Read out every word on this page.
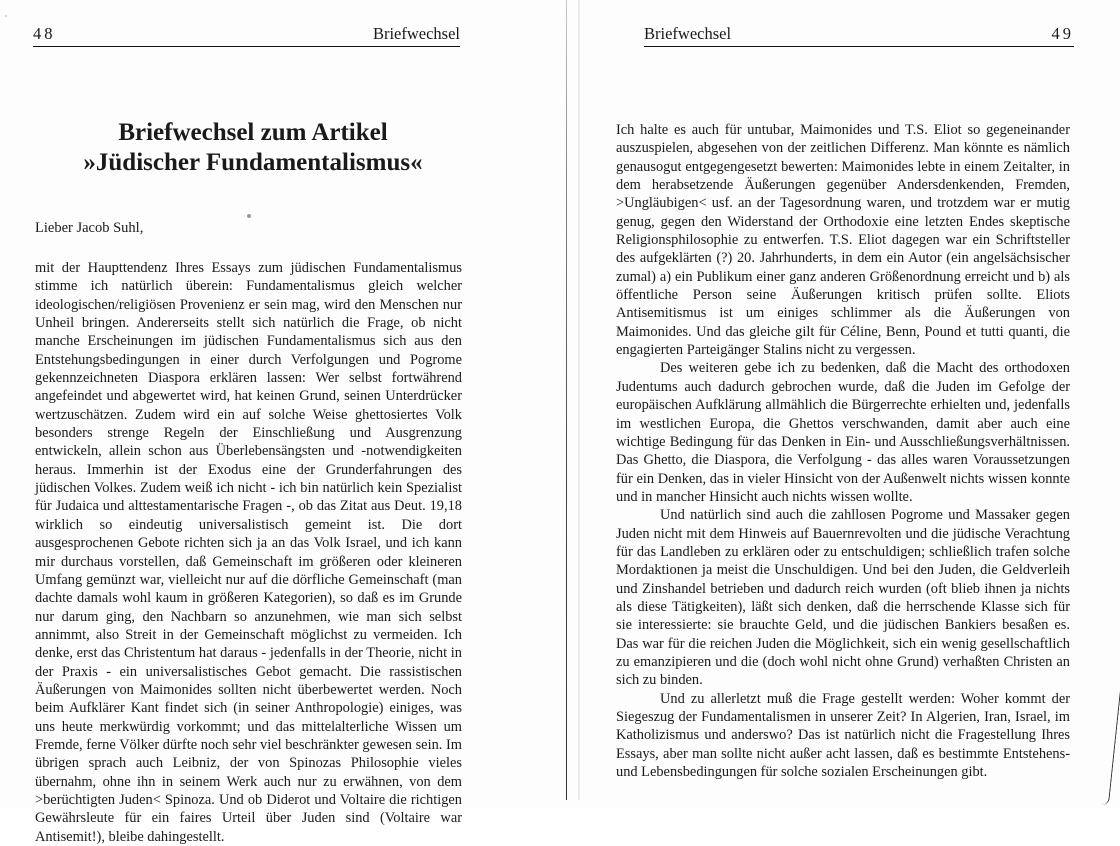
48	Briefwechsel
Briefwechsel zum Artikel
»Jüdischer Fundamentalismus«
Lieber Jacob Suhl,

mit der Haupttendenz Ihres Essays zum jüdischen Fundamentalismus stimme ich natürlich überein: Fundamentalismus gleich welcher ideologischen/religiösen Provenienz er sein mag, wird den Menschen nur Unheil bringen. Andererseits stellt sich natürlich die Frage, ob nicht manche Erscheinungen im jüdischen Fundamentalismus sich aus den Entstehungsbedingungen in einer durch Verfolgungen und Pogrome gekennzeichneten Diaspora erklären lassen: Wer selbst fortwährend angefeindet und abgewertet wird, hat keinen Grund, seinen Unterdrücker wertzuschätzen. Zudem wird ein auf solche Weise ghettosiertes Volk besonders strenge Regeln der Einschließung und Ausgrenzung entwickeln, allein schon aus Überlebensängsten und -notwendigkeiten heraus. Immerhin ist der Exodus eine der Grunderfahrungen des jüdischen Volkes. Zudem weiß ich nicht - ich bin natürlich kein Spezialist für Judaica und alttestamentarische Fragen -, ob das Zitat aus Deut. 19,18 wirklich so eindeutig universalistisch gemeint ist. Die dort ausgesprochenen Gebote richten sich ja an das Volk Israel, und ich kann mir durchaus vorstellen, daß Gemeinschaft im größeren oder kleineren Umfang gemünzt war, vielleicht nur auf die dörfliche Gemeinschaft (man dachte damals wohl kaum in größeren Kategorien), so daß es im Grunde nur darum ging, den Nachbarn so anzunehmen, wie man sich selbst annimmt, also Streit in der Gemeinschaft möglichst zu vermeiden. Ich denke, erst das Christentum hat daraus - jedenfalls in der Theorie, nicht in der Praxis - ein universalistisches Gebot gemacht. Die rassistischen Äußerungen von Maimonides sollten nicht überbewertet werden. Noch beim Aufklärer Kant findet sich (in seiner Anthropologie) einiges, was uns heute merkwürdig vorkommt; und das mittelalterliche Wissen um Fremde, ferne Völker dürfte noch sehr viel beschränkter gewesen sein. Im übrigen sprach auch Leibniz, der von Spinozas Philosophie vieles übernahm, ohne ihn in seinem Werk auch nur zu erwähnen, von dem >berüchtigten Juden< Spinoza. Und ob Diderot und Voltaire die richtigen Gewährsleute für ein faires Urteil über Juden sind (Voltaire war Antisemit!), bleibe dahingestellt.

Briefwechsel	49

Ich halte es auch für untubar, Maimonides und T.S. Eliot so gegeneinander auszuspielen, abgesehen von der zeitlichen Differenz. Man könnte es nämlich genausogut entgegengesetzt bewerten: Maimonides lebte in einem Zeitalter, in dem herabsetzende Äußerungen gegenüber Andersdenkenden, Fremden, >Ungläubigen< usf. an der Tagesordnung waren, und trotzdem war er mutig genug, gegen den Widerstand der Orthodoxie eine letzten Endes skeptische Religionsphilosophie zu entwerfen. T.S. Eliot dagegen war ein Schriftsteller des aufgeklärten (?) 20. Jahrhunderts, in dem ein Autor (ein angelsächsischer zumal) a) ein Publikum einer ganz anderen Größenordnung erreicht und b) als öffentliche Person seine Äußerungen kritisch prüfen sollte. Eliots Antisemitismus ist um einiges schlimmer als die Äußerungen von Maimonides. Und das gleiche gilt für Céline, Benn, Pound et tutti quanti, die engagierten Parteigänger Stalins nicht zu vergessen.

Des weiteren gebe ich zu bedenken, daß die Macht des orthodoxen Judentums auch dadurch gebrochen wurde, daß die Juden im Gefolge der europäischen Aufklärung allmählich die Bürgerrechte erhielten und, jedenfalls im westlichen Europa, die Ghettos verschwanden, damit aber auch eine wichtige Bedingung für das Denken in Ein- und Ausschließungsverhältnissen. Das Ghetto, die Diaspora, die Verfolgung - das alles waren Voraussetzungen für ein Denken, das in vieler Hinsicht von der Außenwelt nichts wissen konnte und in mancher Hinsicht auch nichts wissen wollte.

Und natürlich sind auch die zahllosen Pogrome und Massaker gegen Juden nicht mit dem Hinweis auf Bauernrevolten und die jüdische Verachtung für das Landleben zu erklären oder zu entschuldigen; schließlich trafen solche Mordaktionen ja meist die Unschuldigen. Und bei den Juden, die Geldverleih und Zinshandel betrieben und dadurch reich wurden (oft blieb ihnen ja nichts als diese Tätigkeiten), läßt sich denken, daß die herrschende Klasse sich für sie interessierte: sie brauchte Geld, und die jüdischen Bankiers besaßen es. Das war für die reichen Juden die Möglichkeit, sich ein wenig gesellschaftlich zu emanzipieren und die (doch wohl nicht ohne Grund) verhaßten Christen an sich zu binden.

Und zu allerletzt muß die Frage gestellt werden: Woher kommt der Siegeszug der Fundamentalismen in unserer Zeit? In Algerien, Iran, Israel, im Katholizismus und anderswo? Das ist natürlich nicht die Fragestellung Ihres Essays, aber man sollte nicht außer acht lassen, daß es bestimmte Entstehens- und Lebensbedingungen für solche sozialen Erscheinungen gibt.
